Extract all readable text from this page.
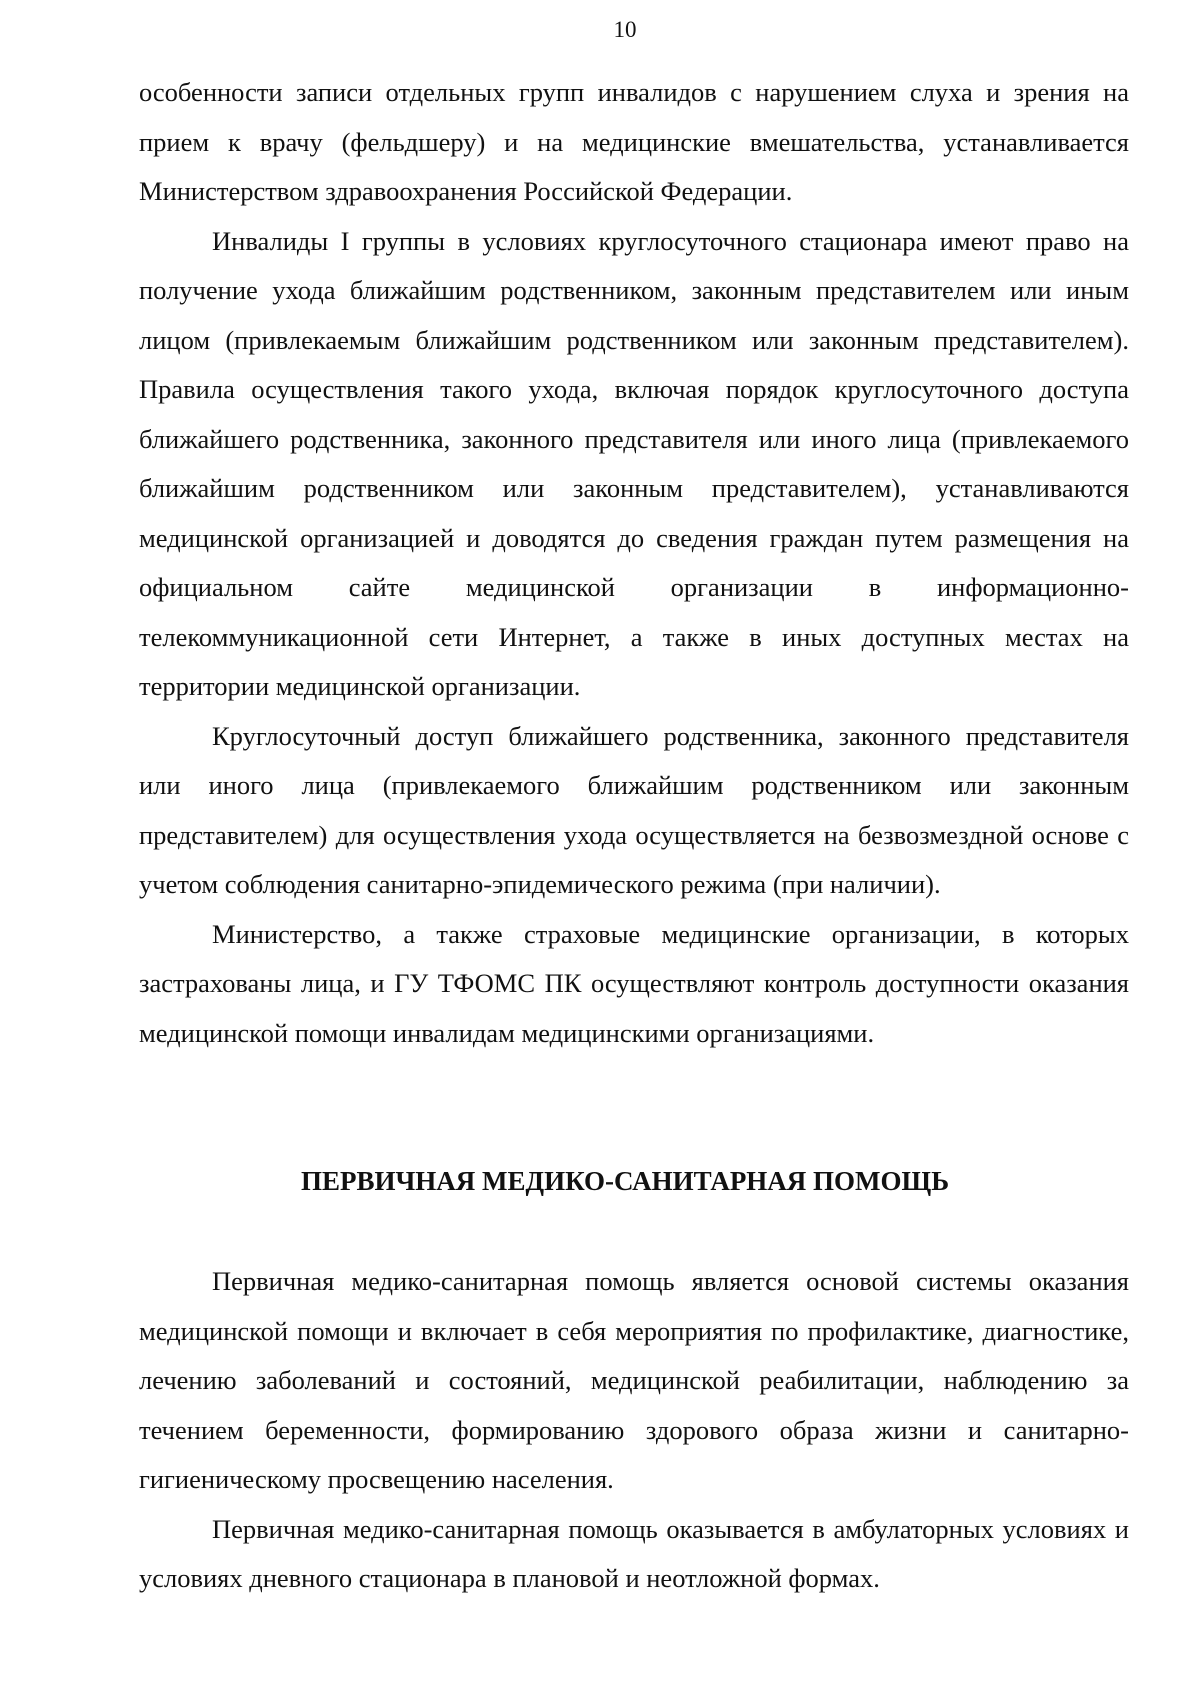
10

особенности записи отдельных групп инвалидов с нарушением слуха и зрения на прием к врачу (фельдшеру) и на медицинские вмешательства, устанавливается Министерством здравоохранения Российской Федерации.

Инвалиды I группы в условиях круглосуточного стационара имеют право на получение ухода ближайшим родственником, законным представителем или иным лицом (привлекаемым ближайшим родственником или законным представителем). Правила осуществления такого ухода, включая порядок круглосуточного доступа ближайшего родственника, законного представителя или иного лица (привлекаемого ближайшим родственником или законным представителем), устанавливаются медицинской организацией и доводятся до сведения граждан путем размещения на официальном сайте медицинской организации в информационно-телекоммуникационной сети Интернет, а также в иных доступных местах на территории медицинской организации.

Круглосуточный доступ ближайшего родственника, законного представителя или иного лица (привлекаемого ближайшим родственником или законным представителем) для осуществления ухода осуществляется на безвозмездной основе с учетом соблюдения санитарно-эпидемического режима (при наличии).

Министерство, а также страховые медицинские организации, в которых застрахованы лица, и ГУ ТФОМС ПК осуществляют контроль доступности оказания медицинской помощи инвалидам медицинскими организациями.

ПЕРВИЧНАЯ МЕДИКО-САНИТАРНАЯ ПОМОЩЬ

Первичная медико-санитарная помощь является основой системы оказания медицинской помощи и включает в себя мероприятия по профилактике, диагностике, лечению заболеваний и состояний, медицинской реабилитации, наблюдению за течением беременности, формированию здорового образа жизни и санитарно-гигиеническому просвещению населения.

Первичная медико-санитарная помощь оказывается в амбулаторных условиях и условиях дневного стационара в плановой и неотложной формах.
